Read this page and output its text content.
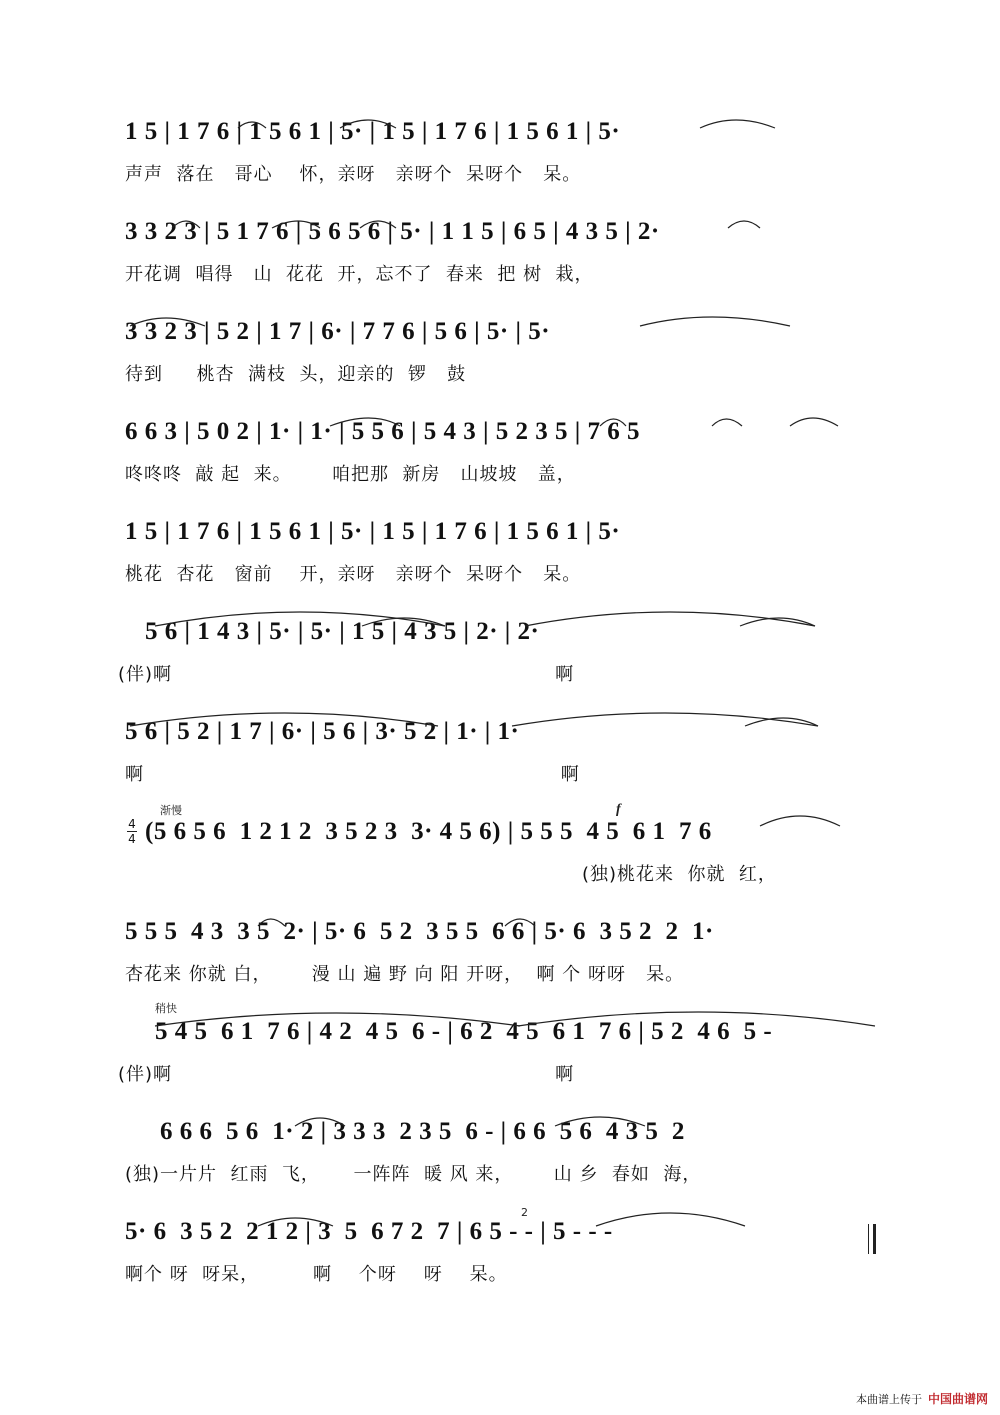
1 5 | 1 7 6 | 1 5 6 1 | 5· | 1 5 | 1 7 6 | 1 5 6 1 | 5·
声声  落在   哥心    怀，亲呀   亲呀个  呆呀个   呆。
3 3 2 3 | 5 1 7 6 | 5 6 5 6 | 5· | 1 1 5 | 6 5 | 4 3 5 | 2·
开花调  唱得   山  花花  开，忘不了  春来  把 树  栽，
3 3 2 3 | 5 2 | 1 7 | 6· | 7 7 6 | 5 6 | 5· | 5·
待到     桃杏  满枝  头，迎亲的  锣   鼓
6 6 3 | 5 0 2 | 1· | 1· | 5 5 6 | 5 4 3 | 5 2 3 5 | 7 6 5
咚咚咚  敲 起  来。      咱把那  新房   山坡坡   盖，
1 5 | 1 7 6 | 1 5 6 1 | 5· | 1 5 | 1 7 6 | 1 5 6 1 | 5·
桃花  杏花   窗前    开，亲呀   亲呀个  呆呀个   呆。
5 6 | 1 4 3 | 5· | 5· | 1 5 | 4 3 5 | 2· | 2·
(伴)啊                                                         啊
5 6 | 5 2 | 1 7 | 6· | 5 6 | 3· 5 2 | 1· | 1·
啊                                                              啊
4
4
渐慢	f
(5 6 5 6  1 2 1 2  3 5 2 3  3· 4 5 6) | 5 5 5  4 5  6 1  7 6
(独)桃花来  你就  红，
5 5 5  4 3  3 5  2· | 5· 6  5 2  3 5 5  6 6 | 5· 6  3 5 2  2  1·
杏花来 你就 白，      漫 山 遍 野 向 阳 开呀，  啊 个 呀呀   呆。
稍快
5 4 5  6 1  7 6 | 4 2  4 5  6 - | 6 2  4 5  6 1  7 6 | 5 2  4 6  5 -
(伴)啊                                                         啊
6 6 6  5 6  1· 2 | 3 3 3  2 3 5  6 - | 6 6  5 6  4 3 5  2
(独)一片片  红雨  飞，     一阵阵  暖 风 来，      山 乡  春如  海，
2
5· 6  3 5 2  2 1 2 | 3  5  6 7 2  7 | 6 5 - - | 5 - - -
啊个 呀  呀呆，        啊    个呀    呀    呆。
本曲谱上传于 中国曲谱网
